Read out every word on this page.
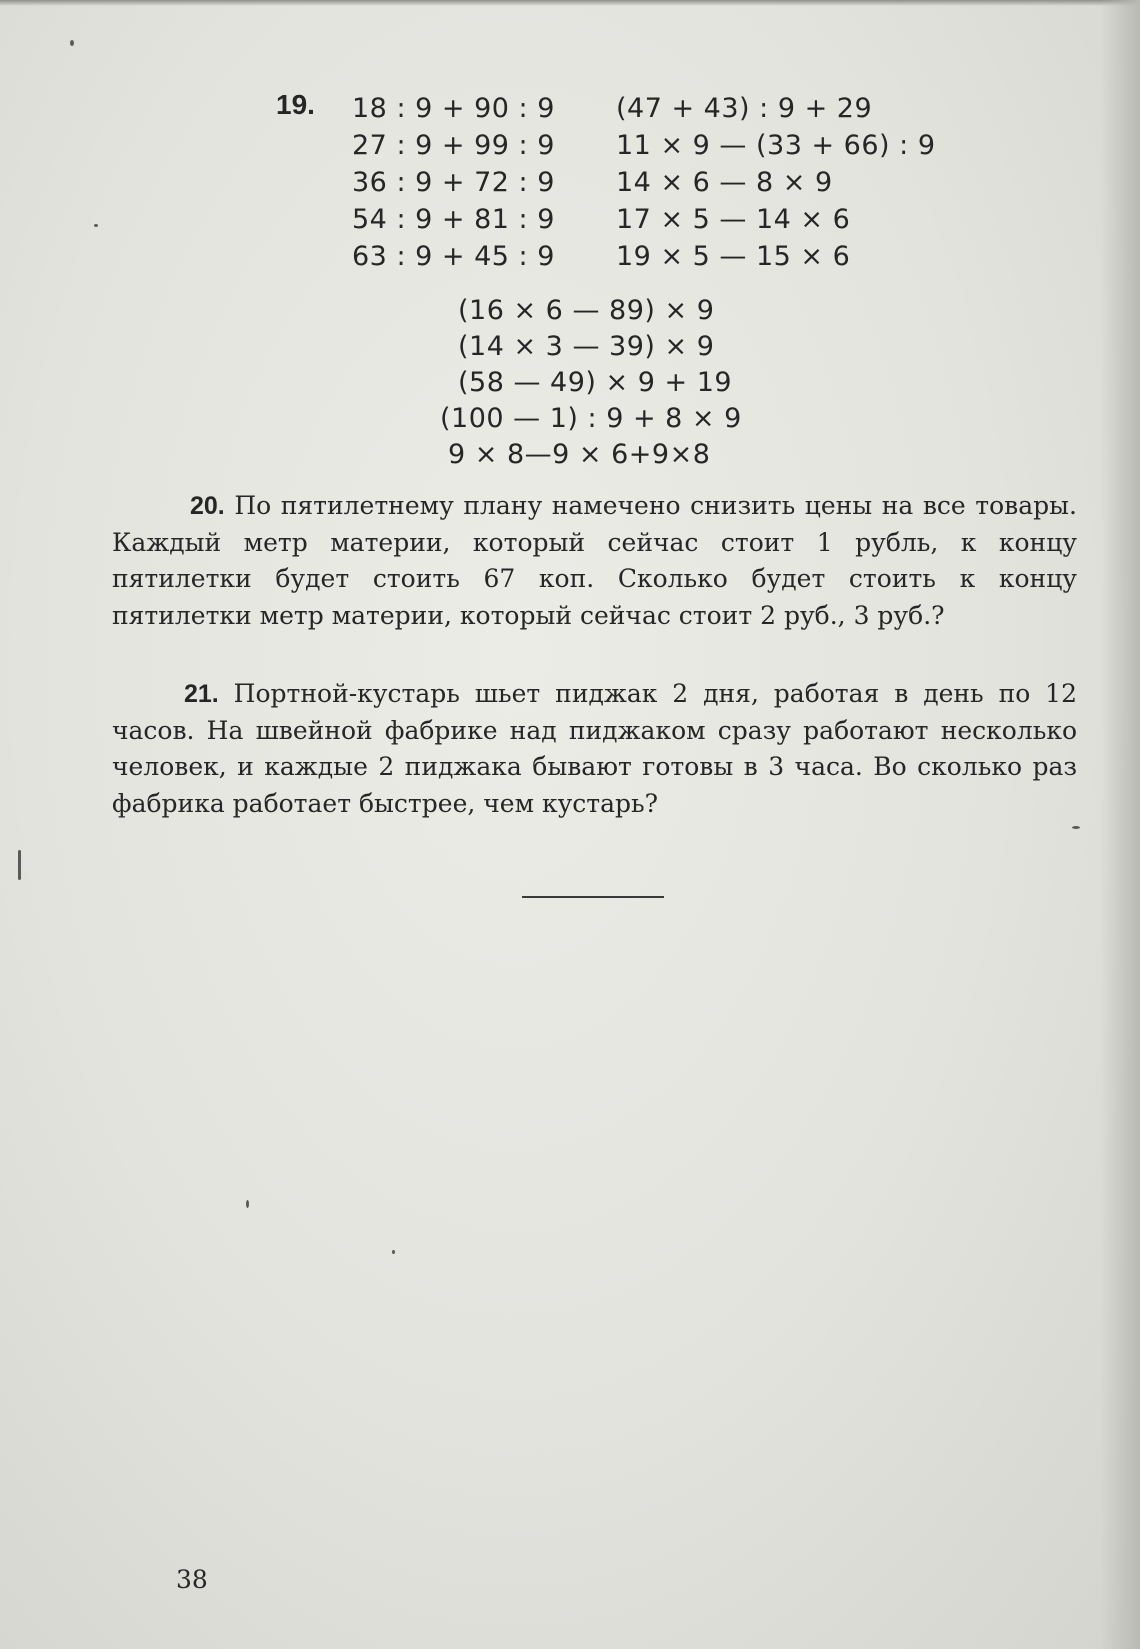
19. 18 : 9 + 90 : 9
27 : 9 + 99 : 9
36 : 9 + 72 : 9
54 : 9 + 81 : 9
63 : 9 + 45 : 9
(47 + 43) : 9 + 29
11 × 9 — (33 + 66) : 9
14 × 6 — 8 × 9
17 × 5 — 14 × 6
19 × 5 — 15 × 6
(16 × 6 — 89) × 9
(14 × 3 — 39) × 9
(58 — 49) × 9 + 19
(100 — 1) : 9 + 8 × 9
9 × 8—9 × 6+9×8
20. По пятилетнему плану намечено снизить цены на все товары. Каждый метр материи, который сейчас стоит 1 рубль, к концу пятилетки будет стоить 67 коп. Сколько будет стоить к концу пятилетки метр материи, который сейчас стоит 2 руб., 3 руб.?
21. Портной-кустарь шьет пиджак 2 дня, работая в день по 12 часов. На швейной фабрике над пиджаком сразу работают несколько человек, и каждые 2 пиджака бывают готовы в 3 часа. Во сколько раз фабрика работает быстрее, чем кустарь?
38
